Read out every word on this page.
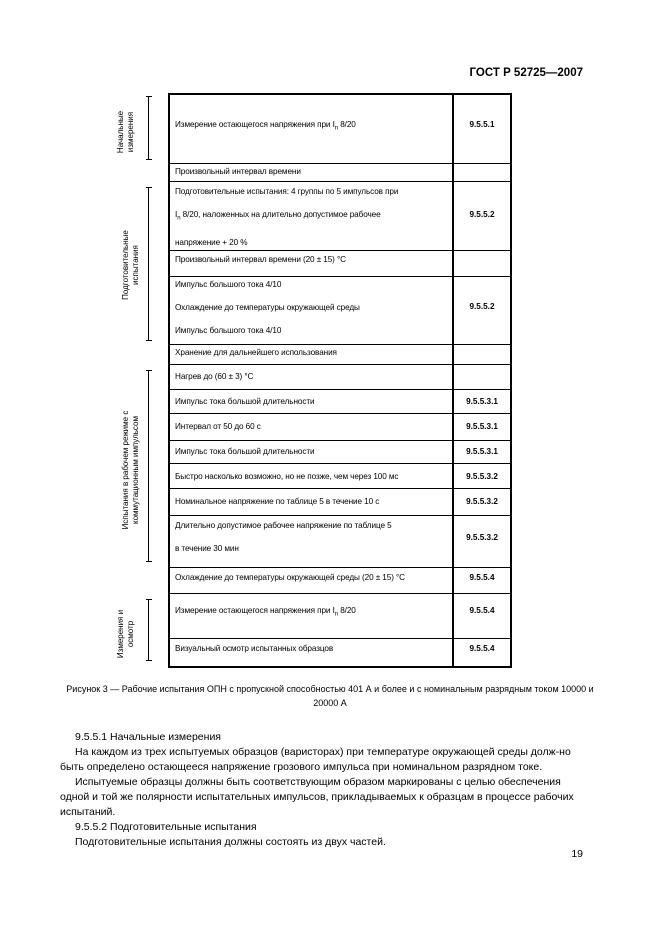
ГОСТ Р 52725—2007
Начальные измерения
Подготовительные испытания
Испытания в рабочем режиме с коммутационным импульсом
Измерения и осмотр
Измерение остающегося напряжения при $I_n$ 8/20	9.5.5.1
Произвольный интервал времени
Подготовительные испытания: 4 группы по 5 импульсов при
$I_n$ 8/20, наложенных на длительно допустимое рабочее
напряжение + 20 %
9.5.5.2
Произвольный интервал времени (20 ± 15) °С
Импульс большого тока 4/10
Охлаждение до температуры окружающей среды
Импульс большого тока 4/10
9.5.5.2
Хранение для дальнейшего использования
Нагрев до (60 ± 3) °С
Импульс тока большой длительности	9.5.5.3.1
Интервал от 50 до 60 с	9.5.5.3.1
Импульс тока большой длительности	9.5.5.3.1
Быстро насколько возможно, но не позже, чем через 100 мс	9.5.5.3.2
Номинальное напряжение по таблице 5 в течение 10 с	9.5.5.3.2
Длительно допустимое рабочее напряжение по таблице 5
в течение 30 мин
9.5.5.3.2
Охлаждение до температуры окружающей среды (20 ± 15) °С	9.5.5.4
Измерение остающегося напряжения при $I_n$ 8/20	9.5.5.4
Визуальный осмотр испытанных образцов	9.5.5.4
Рисунок 3 — Рабочие испытания ОПН с пропускной способностью 401 А и более и с номинальным разрядным током 10000 и 20000 А

9.5.5.1 Начальные измерения

На каждом из трех испытуемых образцов (варисторах) при температуре окружающей среды долж-но быть определено остающееся напряжение грозового импульса при номинальном разрядном токе.

Испытуемые образцы должны быть соответствующим образом маркированы с целью обеспечения одной и той же полярности испытательных импульсов, прикладываемых к образцам в процессе рабочих испытаний.

9.5.5.2 Подготовительные испытания

Подготовительные испытания должны состоять из двух частей.

19
